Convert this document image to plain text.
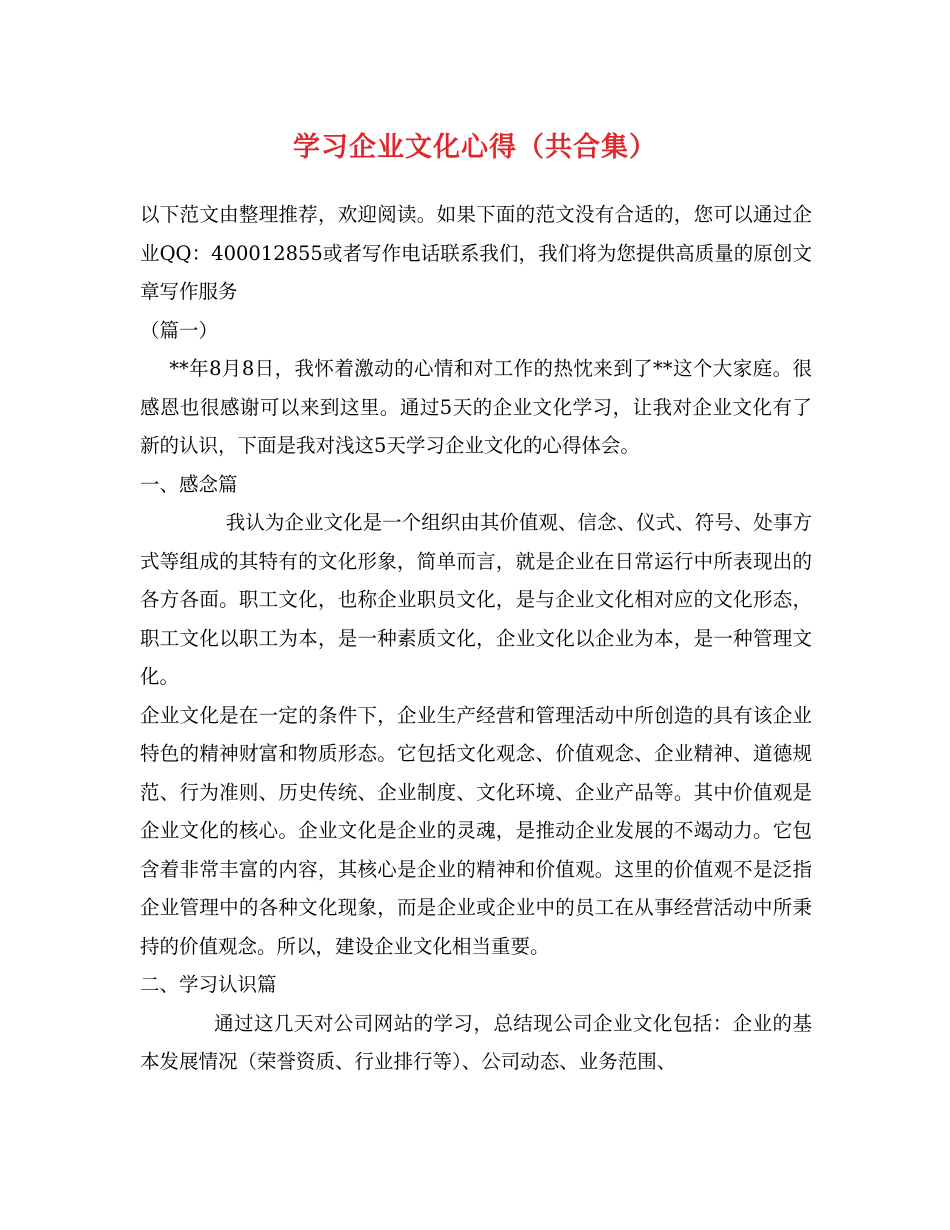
学习企业文化心得（共合集）

以下范文由整理推荐，欢迎阅读。如果下面的范文没有合适的，您可以通过企业QQ：400012855或者写作电话联系我们，我们将为您提供高质量的原创文章写作服务

（篇一）

**年8月8日，我怀着激动的心情和对工作的热忱来到了**这个大家庭。很感恩也很感谢可以来到这里。通过5天的企业文化学习，让我对企业文化有了新的认识，下面是我对浅这5天学习企业文化的心得体会。

一、感念篇

我认为企业文化是一个组织由其价值观、信念、仪式、符号、处事方式等组成的其特有的文化形象，简单而言，就是企业在日常运行中所表现出的各方各面。职工文化，也称企业职员文化，是与企业文化相对应的文化形态，职工文化以职工为本，是一种素质文化，企业文化以企业为本，是一种管理文化。

企业文化是在一定的条件下，企业生产经营和管理活动中所创造的具有该企业特色的精神财富和物质形态。它包括文化观念、价值观念、企业精神、道德规范、行为准则、历史传统、企业制度、文化环境、企业产品等。其中价值观是企业文化的核心。企业文化是企业的灵魂，是推动企业发展的不竭动力。它包含着非常丰富的内容，其核心是企业的精神和价值观。这里的价值观不是泛指企业管理中的各种文化现象，而是企业或企业中的员工在从事经营活动中所秉持的价值观念。所以，建设企业文化相当重要。

二、学习认识篇

通过这几天对公司网站的学习，总结现公司企业文化包括：企业的基本发展情况（荣誉资质、行业排行等）、公司动态、业务范围、
